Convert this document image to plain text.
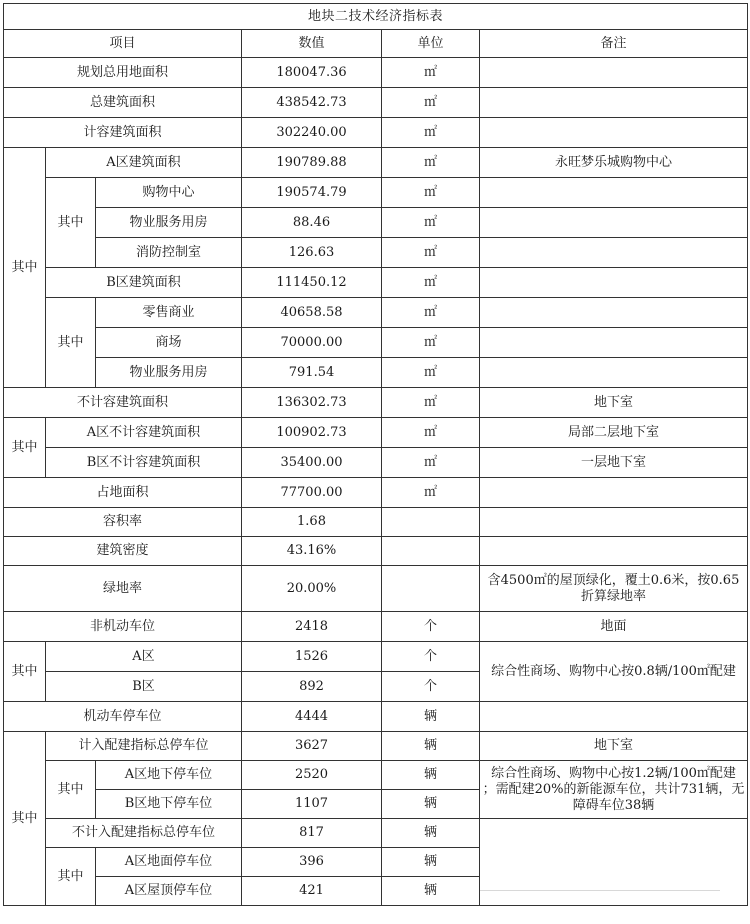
地块二技术经济指标表					
项目			数值	单位	备注
规划总用地面积			180047.36	㎡	
总建筑面积			438542.73	㎡	
计容建筑面积			302240.00	㎡	
其中	A区建筑面积		190789.88	㎡	永旺梦乐城购物中心
	其中	购物中心	190574.79	㎡	
		物业服务用房	88.46	㎡	
		消防控制室	126.63	㎡	
	B区建筑面积		111450.12	㎡	
	其中	零售商业	40658.58	㎡	
		商场	70000.00	㎡	
		物业服务用房	791.54	㎡	
不计容建筑面积			136302.73	㎡	地下室
其中	A区不计容建筑面积		100902.73	㎡	局部二层地下室
	B区不计容建筑面积		35400.00	㎡	一层地下室
占地面积			77700.00	㎡	
容积率			1.68		
建筑密度			43.16%		
绿地率			20.00%		含4500㎡的屋顶绿化，覆土0.6米，按0.65
折算绿地率

非机动车位			2418	个	地面
其中	A区		1526	个	综合性商场、购物中心按0.8辆/100㎡配建
	B区		892	个	
机动车停车位			4444	辆	
其中	计入配建指标总停车位		3627	辆	地下室
	其中	A区地下停车位	2520	辆	综合性商场、购物中心按1.2辆/100㎡配建
；需配建20%的新能源车位，共计731辆，无
障碍车位38辆

		B区地下停车位	1107	辆	
	不计入配建指标总停车位		817	辆	
	其中	A区地面停车位	396	辆	
		A区屋顶停车位	421	辆	
